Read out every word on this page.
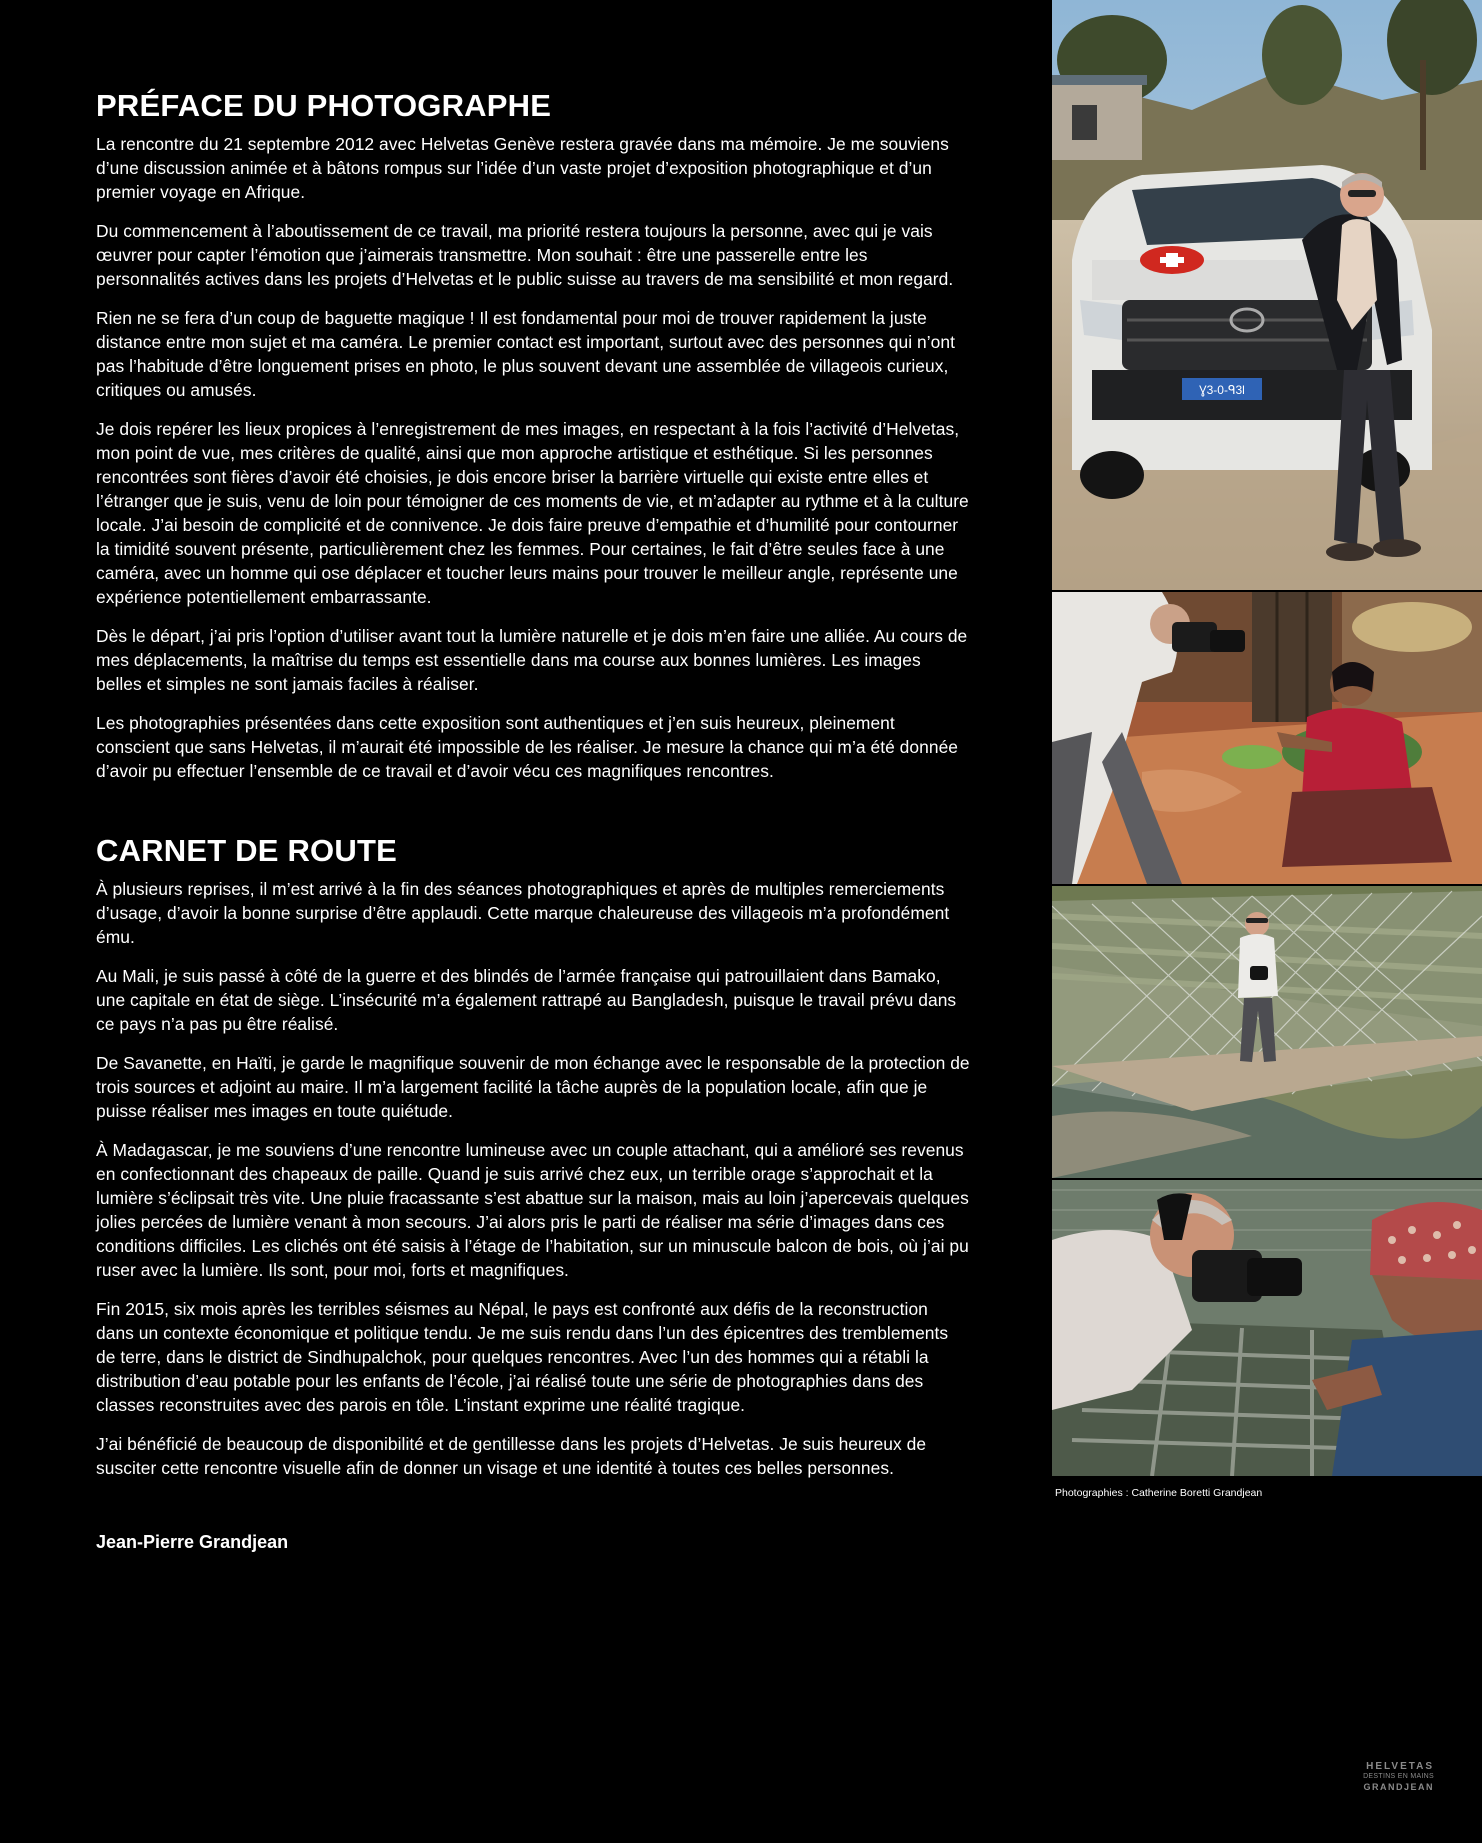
PRÉFACE DU PHOTOGRAPHE

La rencontre du 21 septembre 2012 avec Helvetas Genève restera gravée dans ma mémoire. Je me souviens d’une discussion animée et à bâtons rompus sur l’idée d’un vaste projet d’exposition photographique et d’un premier voyage en Afrique.

Du commencement à l’aboutissement de ce travail, ma priorité restera toujours la personne, avec qui je vais œuvrer pour capter l’émotion que j’aimerais transmettre. Mon souhait : être une passerelle entre les personnalités actives dans les projets d’Helvetas et le public suisse au travers de ma sensibilité et mon regard.

Rien ne se fera d’un coup de baguette magique ! Il est fondamental pour moi de trouver rapidement la juste distance entre mon sujet et ma caméra. Le premier contact est important, surtout avec des personnes qui n’ont pas l’habitude d’être longuement prises en photo, le plus souvent devant une assemblée de villageois curieux, critiques ou amusés.

Je dois repérer les lieux propices à l’enregistrement de mes images, en respectant à la fois l’activité d’Helvetas, mon point de vue, mes critères de qualité, ainsi que mon approche artistique et esthétique. Si les personnes rencontrées sont fières d’avoir été choisies, je dois encore briser la barrière virtuelle qui existe entre elles et l’étranger que je suis, venu de loin pour témoigner de ces moments de vie, et m’adapter au rythme et à la culture locale. J’ai besoin de complicité et de connivence. Je dois faire preuve d’empathie et d’humilité pour contourner la timidité souvent présente, particulièrement chez les femmes. Pour certaines, le fait d’être seules face à une caméra, avec un homme qui ose déplacer et toucher leurs mains pour trouver le meilleur angle, représente une expérience potentiellement embarrassante.

Dès le départ, j’ai pris l’option d’utiliser avant tout la lumière naturelle et je dois m’en faire une alliée. Au cours de mes déplacements, la maîtrise du temps est essentielle dans ma course aux bonnes lumières. Les images belles et simples ne sont jamais faciles à réaliser.

Les photographies présentées dans cette exposition sont authentiques et j’en suis heureux, pleinement conscient que sans Helvetas, il m’aurait été impossible de les réaliser. Je mesure la chance qui m’a été donnée d’avoir pu effectuer l’ensemble de ce travail et d’avoir vécu ces magnifiques rencontres.

CARNET DE ROUTE

À plusieurs reprises, il m’est arrivé à la fin des séances photographiques et après de multiples remerciements d’usage, d’avoir la bonne surprise d’être applaudi. Cette marque chaleureuse des villageois m’a profondément ému.

Au Mali, je suis passé à côté de la guerre et des blindés de l’armée française qui patrouillaient dans Bamako, une capitale en état de siège. L’insécurité m’a également rattrapé au Bangladesh, puisque le travail prévu dans ce pays n’a pas pu être réalisé.

De Savanette, en Haïti, je garde le magnifique souvenir de mon échange avec le responsable de la protection de trois sources et adjoint au maire. Il m’a largement facilité la tâche auprès de la population locale, afin que je puisse réaliser mes images en toute quiétude.

À Madagascar, je me souviens d’une rencontre lumineuse avec un couple attachant, qui a amélioré ses revenus en confectionnant des chapeaux de paille. Quand je suis arrivé chez eux, un terrible orage s’approchait et la lumière s’éclipsait très vite. Une pluie fracassante s’est abattue sur la maison, mais au loin j’apercevais quelques jolies percées de lumière venant à mon secours. J’ai alors pris le parti de réaliser ma série d’images dans ces conditions difficiles. Les clichés ont été saisis à l’étage de l’habitation, sur un minuscule balcon de bois, où j’ai pu ruser avec la lumière. Ils sont, pour moi, forts et magnifiques.

Fin 2015, six mois après les terribles séismes au Népal, le pays est confronté aux défis de la reconstruction dans un contexte économique et politique tendu. Je me suis rendu dans l’un des épicentres des tremblements de terre, dans le district de Sindhupalchok, pour quelques rencontres. Avec l’un des hommes qui a rétabli la distribution d’eau potable pour les enfants de l’école, j’ai réalisé toute une série de photographies dans des classes reconstruites avec des parois en tôle. L’instant exprime une réalité tragique.

J’ai bénéficié de beaucoup de disponibilité et de gentillesse dans les projets d’Helvetas. Je suis heureux de susciter cette rencontre visuelle afin de donner un visage et une identité à toutes ces belles personnes.

Jean-Pierre Grandjean

Ɣ3-0-ᑫ3Ɩ
Photographies : Catherine Boretti Grandjean
HELVETAS
DESTINS EN MAINS
GRANDJEAN
